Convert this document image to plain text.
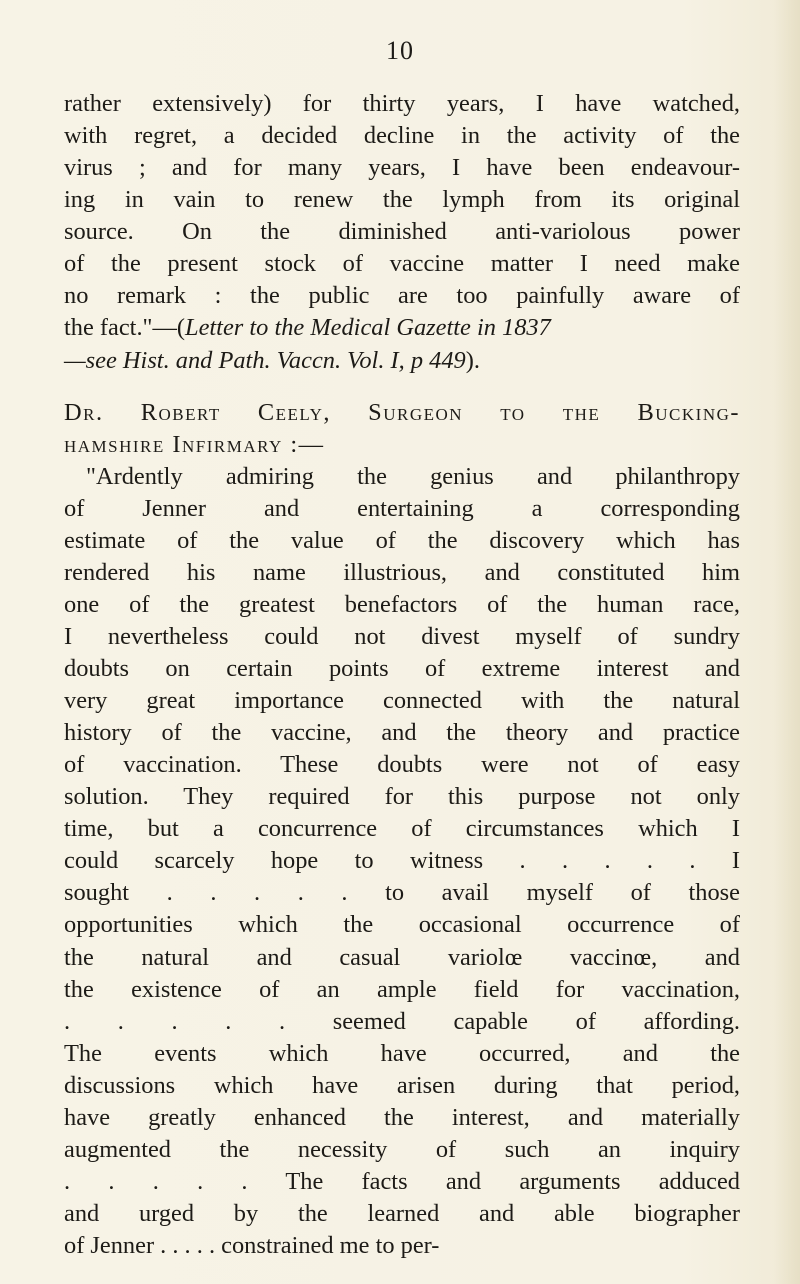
10
rather extensively) for thirty years, I have watched,
with regret, a decided decline in the activity of the
virus ; and for many years, I have been endeavour-
ing in vain to renew the lymph from its original
source. On the diminished anti-variolous power
of the present stock of vaccine matter I need make
no remark : the public are too painfully aware of
the fact."—(Letter to the Medical Gazette in 1837
—see Hist. and Path. Vaccn. Vol. I, p 449).
Dr. Robert Ceely, Surgeon to the Bucking-
hamshire Infirmary :—
"Ardently admiring the genius and philanthropy
of Jenner and entertaining a corresponding
estimate of the value of the discovery which has
rendered his name illustrious, and constituted him
one of the greatest benefactors of the human race,
I nevertheless could not divest myself of sundry
doubts on certain points of extreme interest and
very great importance connected with the natural
history of the vaccine, and the theory and practice
of vaccination. These doubts were not of easy
solution. They required for this purpose not only
time, but a concurrence of circumstances which I
could scarcely hope to witness . . . . . I
sought . . . . . to avail myself of those
opportunities which the occasional occurrence of
the natural and casual variolœ vaccinœ, and
the existence of an ample field for vaccination,
. . . . . seemed capable of affording.
The events which have occurred, and the
discussions which have arisen during that period,
have greatly enhanced the interest, and materially
augmented the necessity of such an inquiry
. . . . . The facts and arguments adduced
and urged by the learned and able biographer
of Jenner . . . . . constrained me to per-
